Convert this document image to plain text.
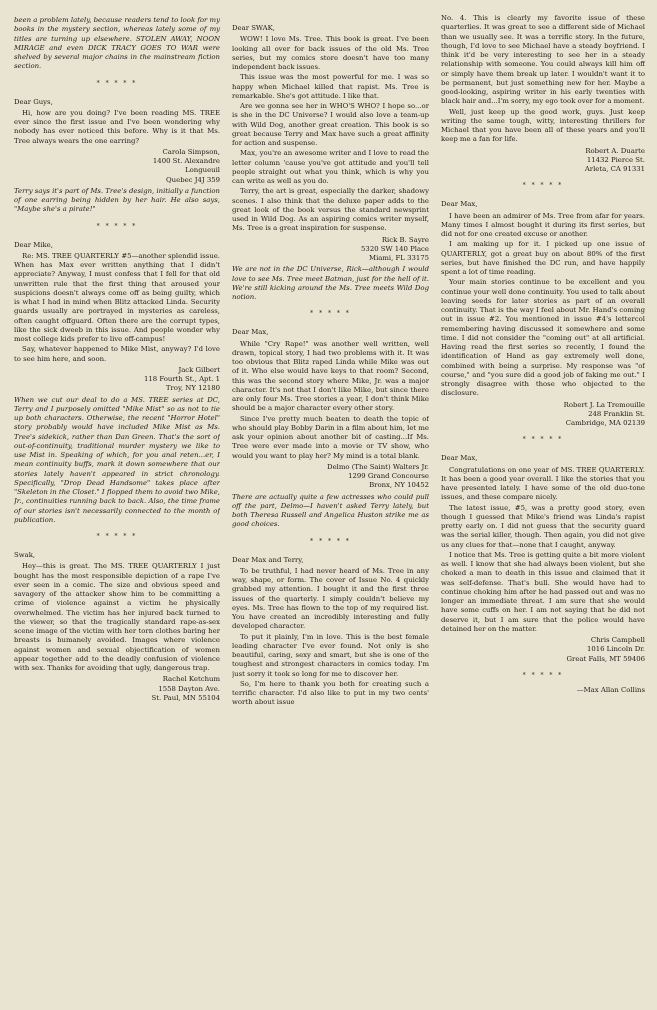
been a problem lately, because readers tend to look for my books in the mystery section, whereas lately some of my titles are turning up elsewhere. STOLEN AWAY, NOON MIRAGE and even DICK TRACY GOES TO WAR were shelved by several major chains in the mainstream fiction section.
* * * * *
Dear Guys,

Hi, how are you doing? I've been reading MS. TREE ever since the first issue and I've been wondering why nobody has ever noticed this before. Why is it that Ms. Tree always wears the one earring?

Carola Simpson,
1400 St. Alexandre
Longueuil
Quebec J4J 359
Terry says it's part of Ms. Tree's design, initially a function of one earring being hidden by her hair. He also says, "Maybe she's a pirate!"
* * * * *
Dear Mike,

Re: MS. TREE QUARTERLY #5—another splendid issue. When has Max ever written anything that I didn't appreciate? Anyway, I must confess that I fell for that old unwritten rule that the first thing that aroused your suspicions doesn't always come off as being guilty, which is what I had in mind when Blitz attacked Linda. Security guards usually are portrayed in mysteries as careless, often caught offguard. Often there are the corrupt types, like the sick dweeb in this issue. And people wonder why most college kids prefer to live off-campus!

Say, whatever happened to Mike Mist, anyway? I'd love to see him here, and soon.

Jack Gilbert
118 Fourth St., Apt. 1
Troy, NY 12180
When we cut our deal to do a MS. TREE series at DC, Terry and I purposely omitted "Mike Mist" so as not to tie up both characters. Otherwise, the recent "Horror Hotel" story probably would have included Mike Mist as Ms. Tree's sidekick, rather than Dan Green. That's the sort of out-of-continuity, traditional murder mystery we like to use Mist in. Speaking of which, for you anal reten...er, I mean continuity buffs, mark it down somewhere that our stories lately haven't appeared in strict chronology. Specifically, "Drop Dead Handsome" takes place after "Skeleton in the Closet." I flopped them to avoid two Mike, Jr., continuities running back to back. Also, the time frame of our stories isn't necessarily connected to the month of publication.
* * * * *
Swak,

Hey—this is great. The MS. TREE QUARTERLY I just bought has the most responsible depiction of a rape I've ever seen in a comic. The size and obvious speed and savagery of the attacker show him to be committing a crime of violence against a victim he physically overwhelmed. The victim has her injured back turned to the viewer, so that the tragically standard rape-as-sex scene image of the victim with her torn clothes baring her breasts is humanely avoided. Images where violence against women and sexual objectification of women appear together add to the deadly confusion of violence with sex. Thanks for avoiding that ugly, dangerous trap.

Rachel Ketchum
1558 Dayton Ave.
St. Paul, MN 55104
Dear SWAK,

WOW! I love Ms. Tree. This book is great. I've been looking all over for back issues of the old Ms. Tree series, but my comics store doesn't have too many independent back issues.

This issue was the most powerful for me. I was so happy when Michael killed that rapist. Ms. Tree is remarkable. She's got attitude. I like that.

Are we gonna see her in WHO'S WHO? I hope so...or is she in the DC Universe? I would also love a team-up with Wild Dog, another great creation. This book is so great because Terry and Max have such a great affinity for action and suspense.

Max, you're an awesome writer and I love to read the letter column 'cause you've got attitude and you'll tell people straight out what you think, which is why you can write as well as you do.

Terry, the art is great, especially the darker, shadowy scenes. I also think that the deluxe paper adds to the great look of the book versus the standard newsprint used in Wild Dog. As an aspiring comics writer myself, Ms. Tree is a great inspiration for suspense.

Rick B. Sayre
5320 SW 140 Place
Miami, FL 33175
We are not in the DC Universe, Rick—although I would love to see Ms. Tree meet Batman, just for the hell of it. We're still kicking around the Ms. Tree meets Wild Dog notion.
* * * * *
Dear Max,

While "Cry Rape!" was another well written, well drawn, topical story, I had two problems with it. It was too obvious that Blitz raped Linda while Mike was out of it. Who else would have keys to that room? Second, this was the second story where Mike, Jr. was a major character. It's not that I don't like Mike, but since there are only four Ms. Tree stories a year, I don't think Mike should be a major character every other story.

Since I've pretty much beaten to death the topic of who should play Bobby Darin in a film about him, let me ask your opinion about another bit of casting...If Ms. Tree were ever made into a movie or TV show, who would you want to play her? My mind is a total blank.

Delmo (The Saint) Walters Jr.
1299 Grand Concourse
Bronx, NY 10452
There are actually quite a few actresses who could pull off the part, Delmo—I haven't asked Terry lately, but both Theresa Russell and Angelica Huston strike me as good choices.
* * * * *
Dear Max and Terry,

To be truthful, I had never heard of Ms. Tree in any way, shape, or form. The cover of Issue No. 4 quickly grabbed my attention. I bought it and the first three issues of the quarterly. I simply couldn't believe my eyes. Ms. Tree has flown to the top of my required list. You have created an incredibly interesting and fully developed character.

To put it plainly, I'm in love. This is the best female leading character I've ever found. Not only is she beautiful, caring, sexy and smart, but she is one of the toughest and strongest characters in comics today. I'm just sorry it took so long for me to discover her.

So, I'm here to thank you both for creating such a terrific character. I'd also like to put in my two cents' worth about issue

No. 4. This is clearly my favorite issue of these quarterlies. It was great to see a different side of Michael than we usually see. It was a terrific story. In the future, though, I'd love to see Michael have a steady boyfriend. I think it'd be very interesting to see her in a steady relationship with someone. You could always kill him off or simply have them break up later. I wouldn't want it to be permanent, but just something new for her. Maybe a good-looking, aspiring writer in his early twenties with black hair and...I'm sorry, my ego took over for a moment.

Well, just keep up the good work, guys. Just keep writing the same tough, witty, interesting thrillers for Michael that you have been all of these years and you'll keep me a fan for life.

Robert A. Duarte
11432 Pierce St.
Arleta, CA 91331
* * * * *
Dear Max,

I have been an admirer of Ms. Tree from afar for years. Many times I almost bought it during its first series, but did not for one created excuse or another.

I am making up for it. I picked up one issue of QUARTERLY, got a great buy on about 80% of the first series, but have finished the DC run, and have happily spent a lot of time reading.

Your main stories continue to be excellent and you continue your well done continuity. You used to talk about leaving seeds for later stories as part of an overall continuity. That is the way I feel about Mr. Hand's coming out in issue #2. You mentioned in issue #4's lettercol remembering having discussed it somewhere and some time. I did not consider the "coming out" at all artificial. Having read the first series so recently, I found the identification of Hand as gay extremely well done, combined with being a surprise. My response was "of course," and "you sure did a good job of faking me out." I strongly disagree with those who objected to the disclosure.

Robert J. La Tremouille
248 Franklin St.
Cambridge, MA 02139
* * * * *
Dear Max,

Congratulations on one year of MS. TREE QUARTERLY. It has been a good year overall. I like the stories that you have presented lately. I have some of the old duo-tone issues, and these compare nicely.

The latest issue, #5, was a pretty good story, even though I guessed that Mike's friend was Linda's rapist pretty early on. I did not guess that the security guard was the serial killer, though. Then again, you did not give us any clues for that—none that I caught, anyway.

I notice that Ms. Tree is getting quite a bit more violent as well. I know that she had always been violent, but she choked a man to death in this issue and claimed that it was self-defense. That's bull. She would have had to continue choking him after he had passed out and was no longer an immediate threat. I am sure that she would have some cuffs on her. I am not saying that he did not deserve it, but I am sure that the police would have detained her on the matter.

Chris Campbell
1016 Lincoln Dr.
Great Falls, MT 59406
* * * * *
—Max Allan Collins
